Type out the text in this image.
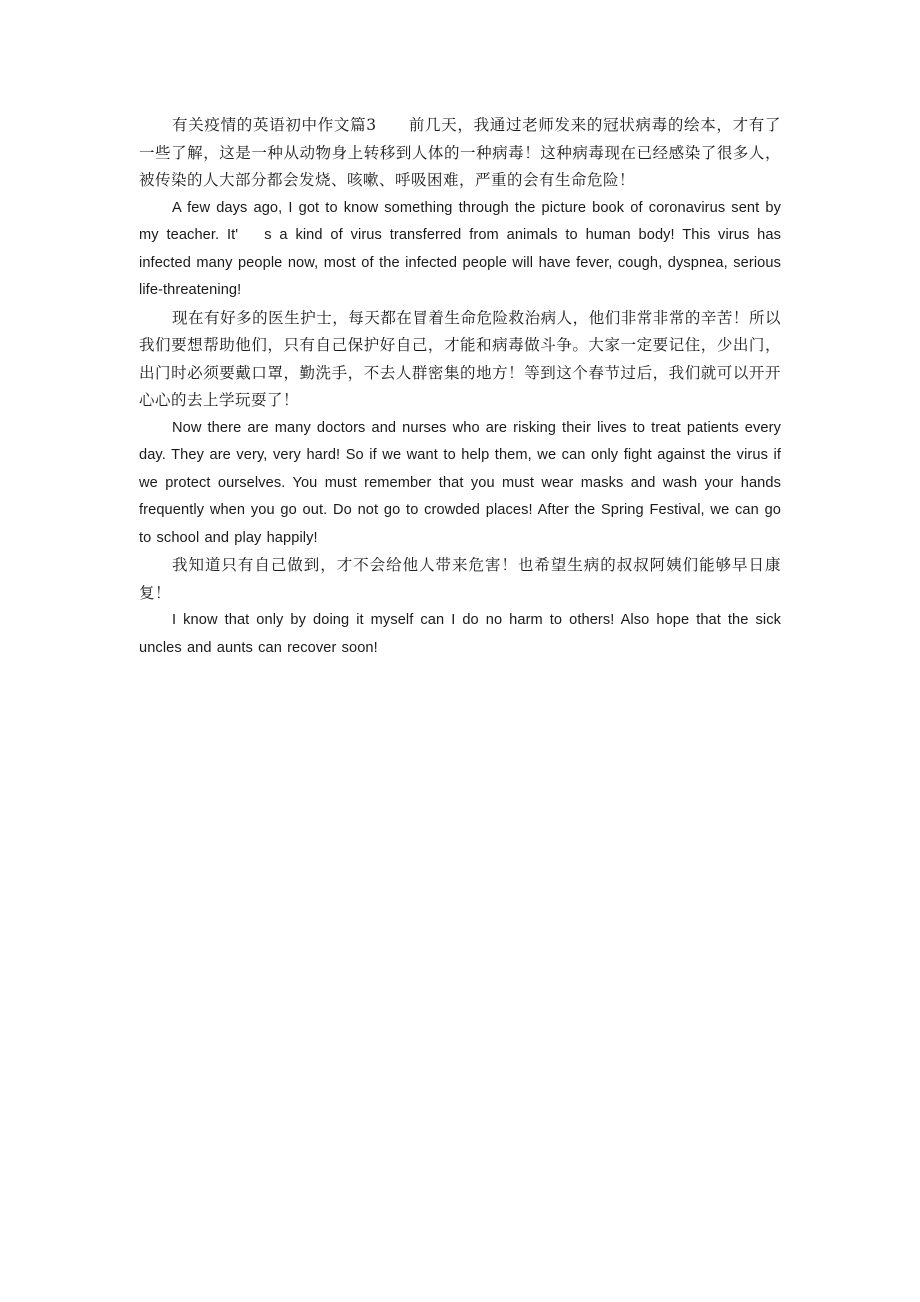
有关疫情的英语初中作文篇3 前几天，我通过老师发来的冠状病毒的绘本，才有了一些了解，这是一种从动物身上转移到人体的一种病毒！这种病毒现在已经感染了很多人，被传染的人大部分都会发烧、咳嗽、呼吸困难，严重的会有生命危险！

A few days ago, I got to know something through the picture book of coronavirus sent by my teacher. It' s a kind of virus transferred from animals to human body! This virus has infected many people now, most of the infected people will have fever, cough, dyspnea, serious life-threatening!

现在有好多的医生护士，每天都在冒着生命危险救治病人，他们非常非常的辛苦！所以我们要想帮助他们，只有自己保护好自己，才能和病毒做斗争。大家一定要记住，少出门，出门时必须要戴口罩，勤洗手，不去人群密集的地方！等到这个春节过后，我们就可以开开心心的去上学玩耍了！

Now there are many doctors and nurses who are risking their lives to treat patients every day. They are very, very hard! So if we want to help them, we can only fight against the virus if we protect ourselves. You must remember that you must wear masks and wash your hands frequently when you go out. Do not go to crowded places! After the Spring Festival, we can go to school and play happily!

我知道只有自己做到，才不会给他人带来危害！也希望生病的叔叔阿姨们能够早日康复！

I know that only by doing it myself can I do no harm to others! Also hope that the sick uncles and aunts can recover soon!
